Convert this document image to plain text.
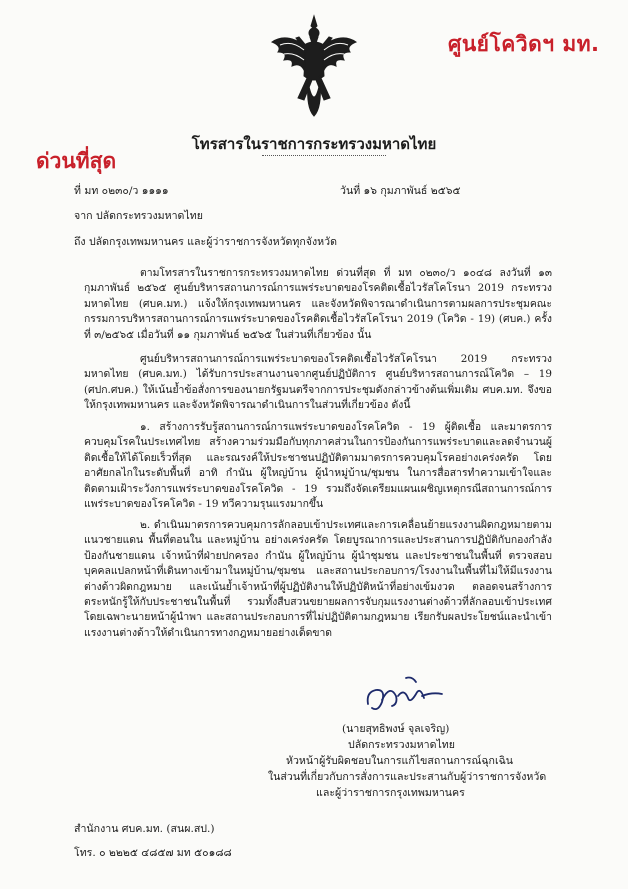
ศูนย์โควิดฯ มท.
โทรสารในราชการกระทรวงมหาดไทย
ด่วนที่สุด
ที่ มท ๐๒๓๐/ว ๑๑๑๑	วันที่ ๑๖ กุมภาพันธ์ ๒๕๖๕
จาก ปลัดกระทรวงมหาดไทย
ถึง ปลัดกรุงเทพมหานคร และผู้ว่าราชการจังหวัดทุกจังหวัด

ตามโทรสารในราชการกระทรวงมหาดไทย ด่วนที่สุด ที่ มท ๐๒๓๐/ว ๑๐๔๘ ลงวันที่ ๑๓ กุมภาพันธ์ ๒๕๖๕ ศูนย์บริหารสถานการณ์การแพร่ระบาดของโรคติดเชื้อไวรัสโคโรนา 2019 กระทรวงมหาดไทย (ศบค.มท.) แจ้งให้กรุงเทพมหานคร และจังหวัดพิจารณาดำเนินการตามผลการประชุมคณะกรรมการบริหารสถานการณ์การแพร่ระบาดของโรคติดเชื้อไวรัสโคโรนา 2019 (โควิด - 19) (ศบค.) ครั้งที่ ๓/๒๕๖๕ เมื่อวันที่ ๑๑ กุมภาพันธ์ ๒๕๖๕ ในส่วนที่เกี่ยวข้อง นั้น

ศูนย์บริหารสถานการณ์การแพร่ระบาดของโรคติดเชื้อไวรัสโคโรนา 2019 กระทรวงมหาดไทย (ศบค.มท.) ได้รับการประสานงานจากศูนย์ปฏิบัติการ ศูนย์บริหารสถานการณ์โควิด – 19 (ศปก.ศบค.) ให้เน้นย้ำข้อสั่งการของนายกรัฐมนตรีจากการประชุมดังกล่าวข้างต้นเพิ่มเติม ศบค.มท. จึงขอให้กรุงเทพมหานคร และจังหวัดพิจารณาดำเนินการในส่วนที่เกี่ยวข้อง ดังนี้

๑. สร้างการรับรู้สถานการณ์การแพร่ระบาดของโรคโควิด - 19 ผู้ติดเชื้อ และมาตรการควบคุมโรคในประเทศไทย สร้างความร่วมมือกับทุกภาคส่วนในการป้องกันการแพร่ระบาดและลดจำนวนผู้ติดเชื้อให้ได้โดยเร็วที่สุด และรณรงค์ให้ประชาชนปฏิบัติตามมาตรการควบคุมโรคอย่างเคร่งครัด โดยอาศัยกลไกในระดับพื้นที่ อาทิ กำนัน ผู้ใหญ่บ้าน ผู้นำหมู่บ้าน/ชุมชน ในการสื่อสารทำความเข้าใจและติดตามเฝ้าระวังการแพร่ระบาดของโรคโควิด - 19 รวมถึงจัดเตรียมแผนเผชิญเหตุกรณีสถานการณ์การแพร่ระบาดของโรคโควิด - 19 ทวีความรุนแรงมากขึ้น

๒. ดำเนินมาตรการควบคุมการลักลอบเข้าประเทศและการเคลื่อนย้ายแรงงานผิดกฎหมายตามแนวชายแดน พื้นที่ตอนใน และหมู่บ้าน อย่างเคร่งครัด โดยบูรณาการและประสานการปฏิบัติกับกองกำลังป้องกันชายแดน เจ้าหน้าที่ฝ่ายปกครอง กำนัน ผู้ใหญ่บ้าน ผู้นำชุมชน และประชาชนในพื้นที่ ตรวจสอบบุคคลแปลกหน้าที่เดินทางเข้ามาในหมู่บ้าน/ชุมชน และสถานประกอบการ/โรงงานในพื้นที่ไม่ให้มีแรงงานต่างด้าวผิดกฎหมาย และเน้นย้ำเจ้าหน้าที่ผู้ปฏิบัติงานให้ปฏิบัติหน้าที่อย่างเข้มงวด ตลอดจนสร้างการตระหนักรู้ให้กับประชาชนในพื้นที่ รวมทั้งสืบสวนขยายผลการจับกุมแรงงานต่างด้าวที่ลักลอบเข้าประเทศ โดยเฉพาะนายหน้าผู้นำพา และสถานประกอบการที่ไม่ปฏิบัติตามกฎหมาย เรียกรับผลประโยชน์และนำเข้าแรงงานต่างด้าวให้ดำเนินการทางกฎหมายอย่างเด็ดขาด

(นายสุทธิพงษ์ จุลเจริญ)
ปลัดกระทรวงมหาดไทย
หัวหน้าผู้รับผิดชอบในการแก้ไขสถานการณ์ฉุกเฉิน
ในส่วนที่เกี่ยวกับการสั่งการและประสานกับผู้ว่าราชการจังหวัด
และผู้ว่าราชการกรุงเทพมหานคร
สำนักงาน ศบค.มท. (สนผ.สป.)
โทร. ๐ ๒๒๒๕ ๔๘๕๗ มท ๕๐๑๘๘
